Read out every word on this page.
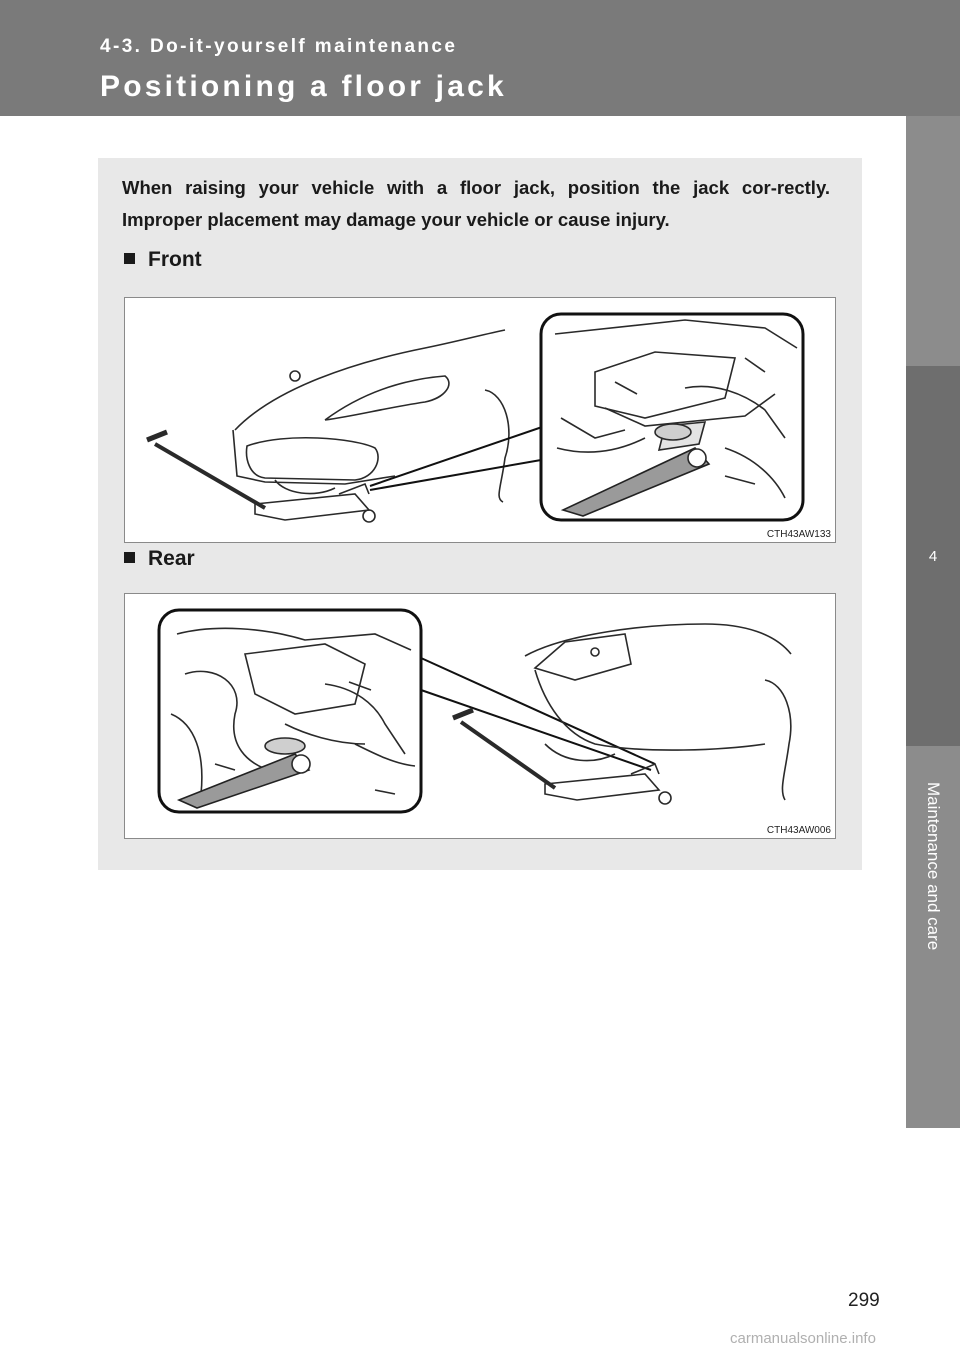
4-3. Do-it-yourself maintenance
Positioning a floor jack
4
Maintenance and care

When raising your vehicle with a floor jack, position the jack cor-rectly. Improper placement may damage your vehicle or cause injury.

Front
CTH43AW133
Rear
CTH43AW006
299
carmanualsonline.info
